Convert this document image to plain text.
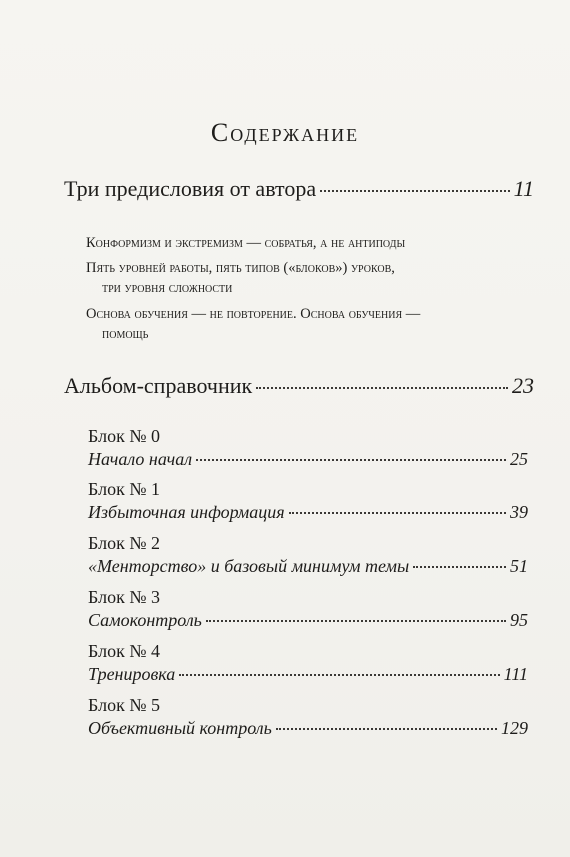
Содержание
Три предисловия от автора	11
Конформизм и экстремизм — собратья, а не антиподы
Пять уровней работы, пять типов («блоков») уроков,
три уровня сложности
Основа обучения — не повторение. Основа обучения —
помощь
Альбом-справочник	23
Блок № 0
Начало начал	25
Блок № 1
Избыточная информация	39
Блок № 2
«Менторство» и базовый минимум темы	51
Блок № 3
Самоконтроль	95
Блок № 4
Тренировка	111
Блок № 5
Объективный контроль	129
